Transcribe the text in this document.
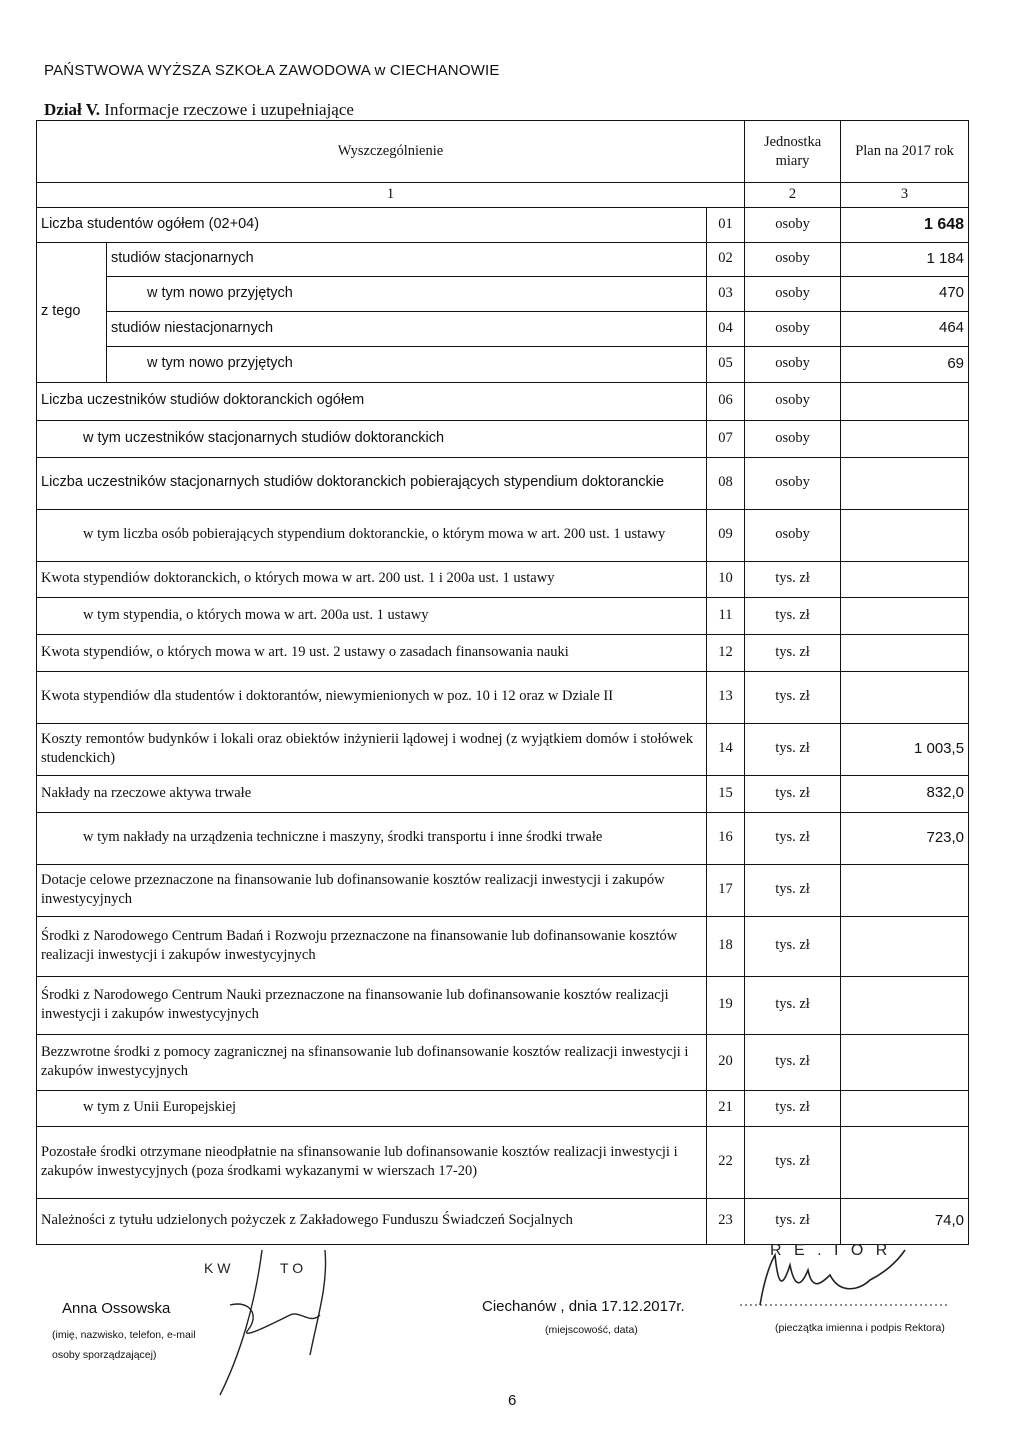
PAŃSTWOWA WYŻSZA SZKOŁA ZAWODOWA w CIECHANOWIE
Dział V. Informacje rzeczowe i uzupełniające
Wyszczególnienie			Jednostka miary	Plan na 2017 rok
1			2	3
Liczba studentów ogółem (02+04)		01	osoby	1 648
z tego	studiów stacjonarnych	02	osoby	1 184
	w tym nowo przyjętych	03	osoby	470
	studiów niestacjonarnych	04	osoby	464
	w tym nowo przyjętych	05	osoby	69
Liczba uczestników studiów doktoranckich ogółem		06	osoby	
w tym uczestników stacjonarnych studiów doktoranckich		07	osoby	
Liczba uczestników stacjonarnych studiów doktoranckich pobierających stypendium doktoranckie		08	osoby	
w tym liczba osób pobierających stypendium doktoranckie, o którym mowa w art. 200 ust. 1 ustawy		09	osoby	
Kwota stypendiów doktoranckich, o których mowa w art. 200 ust. 1 i 200a ust. 1 ustawy		10	tys. zł	
w tym stypendia, o których mowa w art. 200a ust. 1 ustawy		11	tys. zł	
Kwota stypendiów, o których mowa w art. 19 ust. 2 ustawy o zasadach finansowania nauki		12	tys. zł	
Kwota stypendiów dla studentów i doktorantów, niewymienionych w poz. 10 i 12 oraz w Dziale II		13	tys. zł	
Koszty remontów budynków i lokali oraz obiektów inżynierii lądowej i wodnej (z wyjątkiem domów i stołówek studenckich)		14	tys. zł	1 003,5
Nakłady na rzeczowe aktywa trwałe		15	tys. zł	832,0
w tym nakłady na urządzenia techniczne i maszyny, środki transportu i inne środki trwałe		16	tys. zł	723,0
Dotacje celowe przeznaczone na finansowanie lub dofinansowanie kosztów realizacji inwestycji i zakupów inwestycyjnych		17	tys. zł	
Środki z Narodowego Centrum Badań i Rozwoju przeznaczone na finansowanie lub dofinansowanie kosztów realizacji inwestycji i zakupów inwestycyjnych		18	tys. zł	
Środki z Narodowego Centrum Nauki przeznaczone na finansowanie lub dofinansowanie kosztów realizacji inwestycji i zakupów inwestycyjnych		19	tys. zł	
Bezzwrotne środki z pomocy zagranicznej na sfinansowanie lub dofinansowanie kosztów realizacji inwestycji i zakupów inwestycyjnych		20	tys. zł	
w tym z Unii Europejskiej		21	tys. zł	
Pozostałe środki otrzymane nieodpłatnie na sfinansowanie lub dofinansowanie kosztów realizacji inwestycji i zakupów inwestycyjnych (poza środkami wykazanymi w wierszach 17-20)		22	tys. zł	
Należności z tytułu udzielonych pożyczek z Zakładowego Funduszu Świadczeń Socjalnych		23	tys. zł	74,0
Anna Ossowska
(imię, nazwisko, telefon, e-mail osoby sporządzającej)
K W	T O
Ciechanów , dnia 17.12.2017r.
(miejscowość, data)
R E . I O R
(pieczątka imienna i podpis Rektora)
6
